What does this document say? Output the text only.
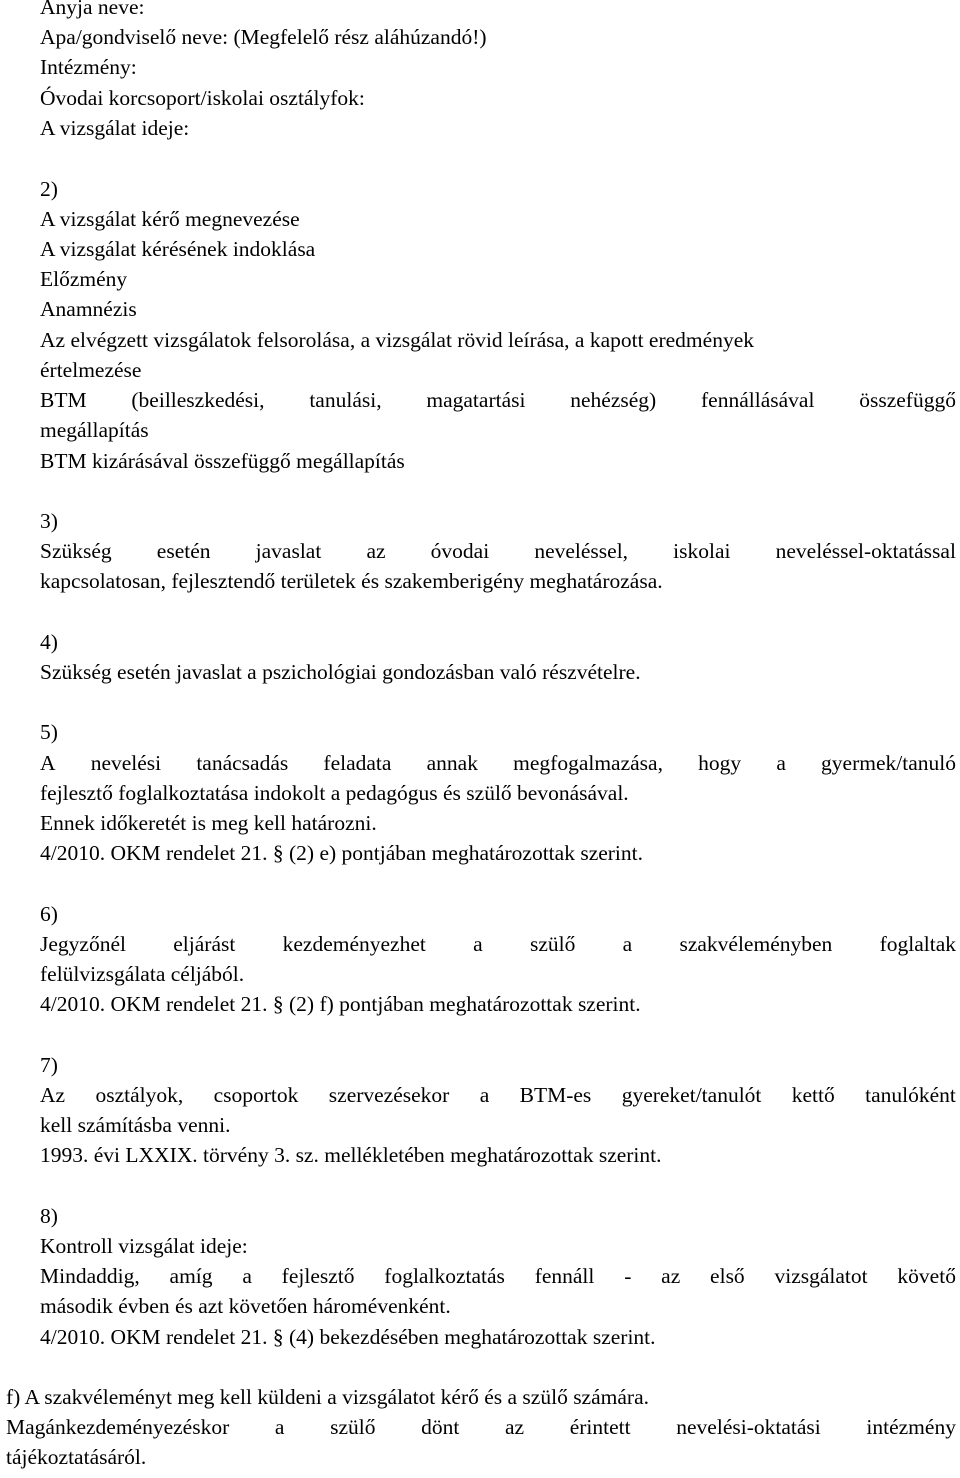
Anyja neve:

Apa/gondviselő neve: (Megfelelő rész aláhúzandó!)

Intézmény:

Óvodai korcsoport/iskolai osztályfok:

A vizsgálat ideje:

2)

A vizsgálat kérő megnevezése

A vizsgálat kérésének indoklása

Előzmény

Anamnézis

Az elvégzett vizsgálatok felsorolása, a vizsgálat rövid leírása, a kapott eredmények

értelmezése

BTM (beilleszkedési, tanulási, magatartási nehézség) fennállásával összefüggő

megállapítás

BTM kizárásával összefüggő megállapítás

3)

Szükség esetén javaslat az óvodai neveléssel, iskolai neveléssel-oktatással

kapcsolatosan, fejlesztendő területek és szakemberigény meghatározása.

4)

Szükség esetén javaslat a pszichológiai gondozásban való részvételre.

5)

A nevelési tanácsadás feladata annak megfogalmazása, hogy a gyermek/tanuló

fejlesztő foglalkoztatása indokolt a pedagógus és szülő bevonásával.

Ennek időkeretét is meg kell határozni.

4/2010. OKM rendelet 21. § (2) e) pontjában meghatározottak szerint.

6)

Jegyzőnél eljárást kezdeményezhet a szülő a szakvéleményben foglaltak

felülvizsgálata céljából.

4/2010. OKM rendelet 21. § (2) f) pontjában meghatározottak szerint.

7)

Az osztályok, csoportok szervezésekor a BTM-es gyereket/tanulót kettő tanulóként

kell számításba venni.

1993. évi LXXIX. törvény 3. sz. mellékletében meghatározottak szerint.

8)

Kontroll vizsgálat ideje:

Mindaddig, amíg a fejlesztő foglalkoztatás fennáll - az első vizsgálatot követő

második évben és azt követően háromévenként.

4/2010. OKM rendelet 21. § (4) bekezdésében meghatározottak szerint.

f) A szakvéleményt meg kell küldeni a vizsgálatot kérő és a szülő számára.

Magánkezdeményezéskor a szülő dönt az érintett nevelési-oktatási intézmény

tájékoztatásáról.
